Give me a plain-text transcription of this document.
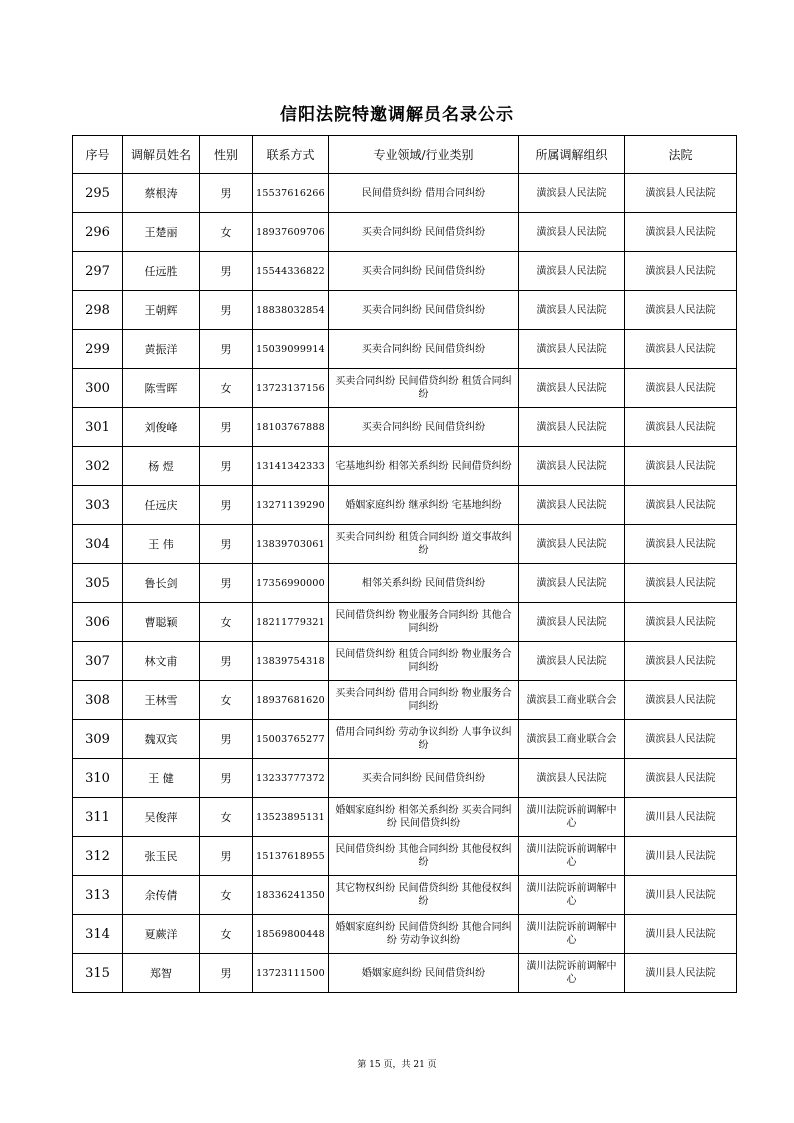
信阳法院特邀调解员名录公示
序号	调解员姓名	性别	联系方式	专业领域/行业类别	所属调解组织	法院
295	蔡根涛	男	15537616266	民间借贷纠纷 借用合同纠纷	潢滨县人民法院	潢滨县人民法院
296	王楚丽	女	18937609706	买卖合同纠纷 民间借贷纠纷	潢滨县人民法院	潢滨县人民法院
297	任远胜	男	15544336822	买卖合同纠纷 民间借贷纠纷	潢滨县人民法院	潢滨县人民法院
298	王朝辉	男	18838032854	买卖合同纠纷 民间借贷纠纷	潢滨县人民法院	潢滨县人民法院
299	黄振洋	男	15039099914	买卖合同纠纷 民间借贷纠纷	潢滨县人民法院	潢滨县人民法院
300	陈雪晖	女	13723137156	买卖合同纠纷 民间借贷纠纷 租赁合同纠纷	潢滨县人民法院	潢滨县人民法院
301	刘俊峰	男	18103767888	买卖合同纠纷 民间借贷纠纷	潢滨县人民法院	潢滨县人民法院
302	杨 煜	男	13141342333	宅基地纠纷 相邻关系纠纷 民间借贷纠纷	潢滨县人民法院	潢滨县人民法院
303	任远庆	男	13271139290	婚姻家庭纠纷 继承纠纷 宅基地纠纷	潢滨县人民法院	潢滨县人民法院
304	王 伟	男	13839703061	买卖合同纠纷 租赁合同纠纷 道交事故纠纷	潢滨县人民法院	潢滨县人民法院
305	鲁长剑	男	17356990000	相邻关系纠纷 民间借贷纠纷	潢滨县人民法院	潢滨县人民法院
306	曹聪颖	女	18211779321	民间借贷纠纷 物业服务合同纠纷 其他合同纠纷	潢滨县人民法院	潢滨县人民法院
307	林文甫	男	13839754318	民间借贷纠纷 租赁合同纠纷 物业服务合同纠纷	潢滨县人民法院	潢滨县人民法院
308	王林雪	女	18937681620	买卖合同纠纷 借用合同纠纷 物业服务合同纠纷	潢滨县工商业联合会	潢滨县人民法院
309	魏双宾	男	15003765277	借用合同纠纷 劳动争议纠纷 人事争议纠纷	潢滨县工商业联合会	潢滨县人民法院
310	王 健	男	13233777372	买卖合同纠纷 民间借贷纠纷	潢滨县人民法院	潢滨县人民法院
311	吴俊萍	女	13523895131	婚姻家庭纠纷 相邻关系纠纷 买卖合同纠纷 民间借贷纠纷	潢川法院诉前调解中心	潢川县人民法院
312	张玉民	男	15137618955	民间借贷纠纷 其他合同纠纷 其他侵权纠纷	潢川法院诉前调解中心	潢川县人民法院
313	余传倩	女	18336241350	其它物权纠纷 民间借贷纠纷 其他侵权纠纷	潢川法院诉前调解中心	潢川县人民法院
314	夏蕨洋	女	18569800448	婚姻家庭纠纷 民间借贷纠纷 其他合同纠纷 劳动争议纠纷	潢川法院诉前调解中心	潢川县人民法院
315	郑智	男	13723111500	婚姻家庭纠纷 民间借贷纠纷	潢川法院诉前调解中心	潢川县人民法院
第 15 页，共 21 页
